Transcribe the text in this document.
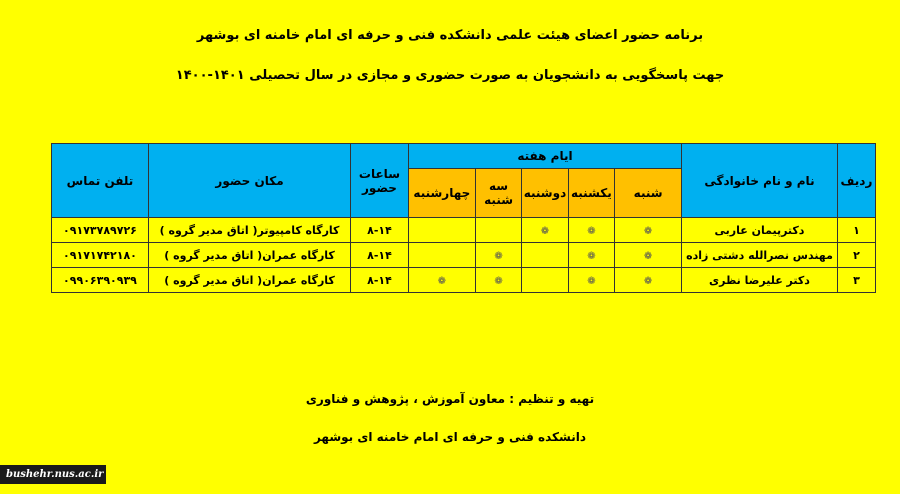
برنامه حضور اعضای هیئت علمی دانشکده فنی و حرفه ای امام خامنه ای بوشهر
جهت پاسخگویی به دانشجویان به صورت حضوری و مجازی در سال تحصیلی ۱۴۰۱-۱۴۰۰
ردیف	نام و نام خانوادگی	ایام هفته					ساعات حضور	مکان حضور	تلفن تماس
		شنبه	یکشنبه	دوشنبه	سه شنبه	چهارشنبه			
۱	دکترپیمان عاربی	❁	❁	❁			۸-۱۴	کارگاه کامپیوتر( اتاق مدیر گروه )	۰۹۱۷۳۷۸۹۷۲۶
۲	مهندس نصرالله دشتی زاده	❁	❁		❁		۸-۱۴	کارگاه عمران( اتاق مدیر گروه )	۰۹۱۷۱۷۴۲۱۸۰
۳	دکتر علیرضا نظری	❁	❁		❁	❁	۸-۱۴	کارگاه عمران( اتاق مدیر گروه )	۰۹۹۰۶۳۹۰۹۳۹
تهیه و تنظیم : معاون آموزش ، پژوهش و فناوری
دانشکده فنی و حرفه ای امام خامنه ای بوشهر
bushehr.nus.ac.ir
